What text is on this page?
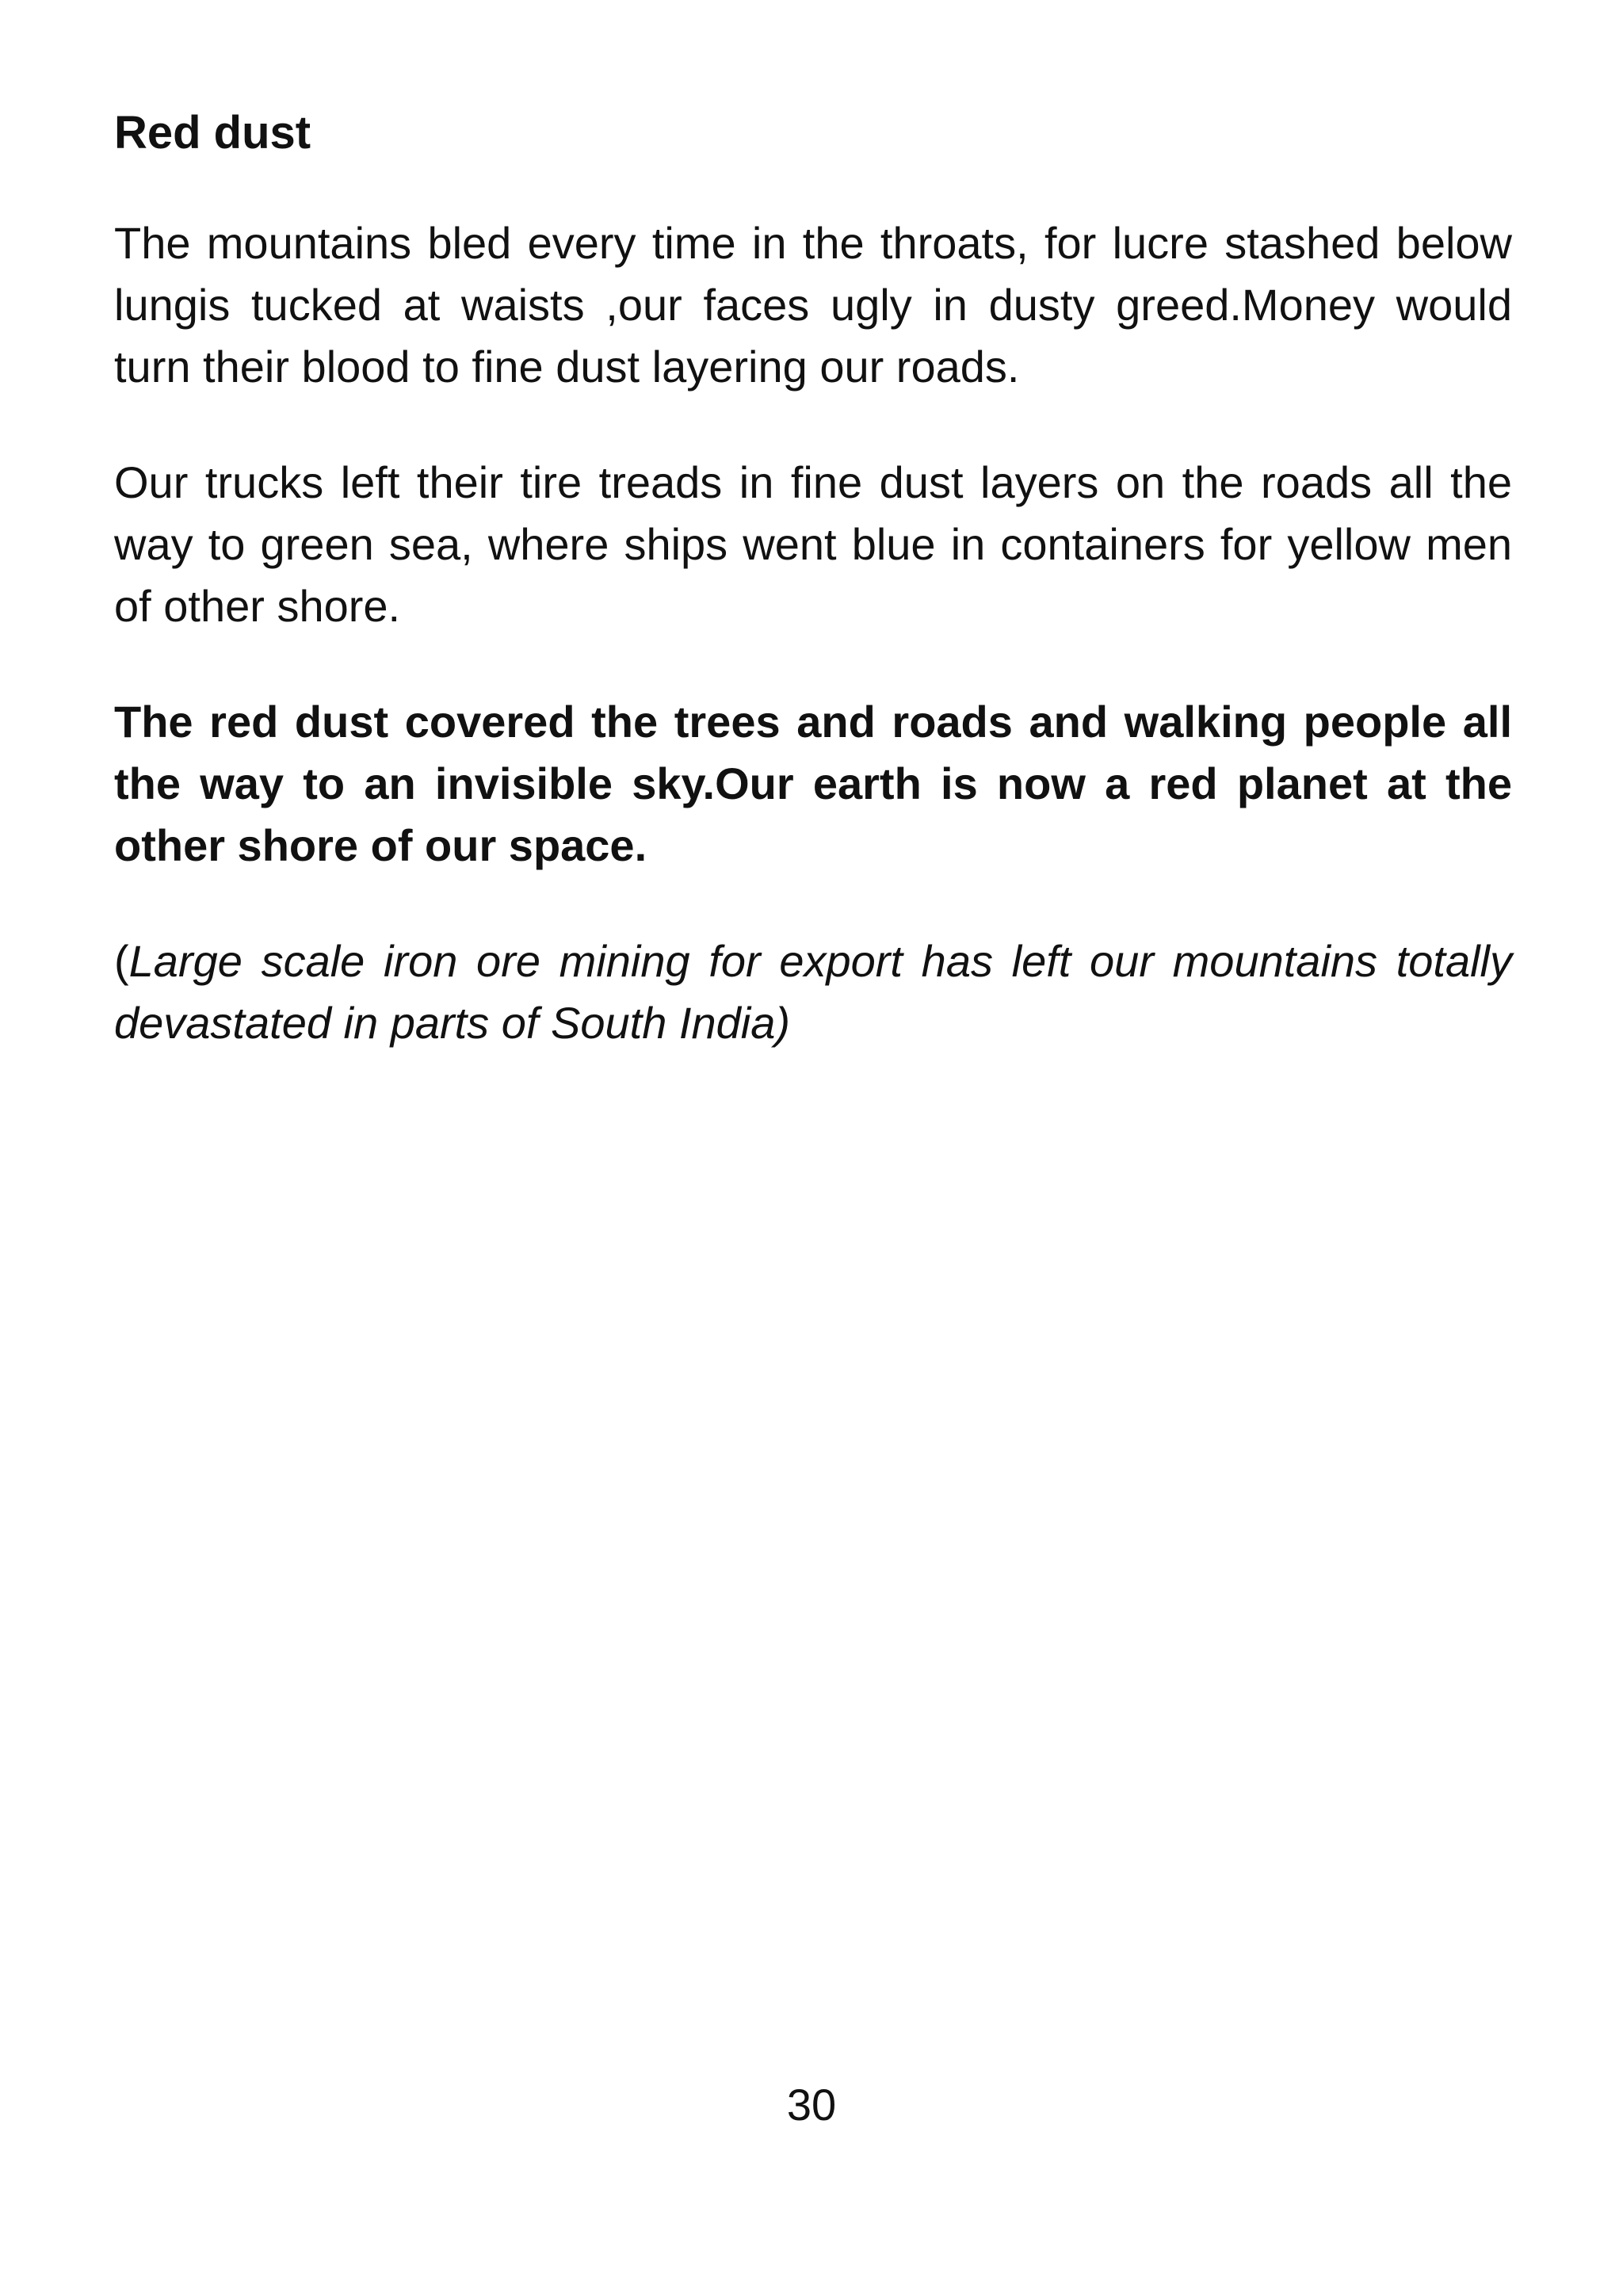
Red dust

The mountains bled every time in the throats, for lucre stashed below lungis tucked at waists ,our faces ugly in dusty greed.Money would turn their blood to fine dust layering our roads.

Our trucks left their tire treads in fine dust layers on the roads all the way to green sea, where ships went blue in containers for yellow men of other shore.

The red dust covered the trees and roads and walking people all the way to an invisible sky.Our earth is now a red planet at the other shore of our space.

(Large scale iron ore mining for export has left our mountains totally devastated in parts of South India)

30
